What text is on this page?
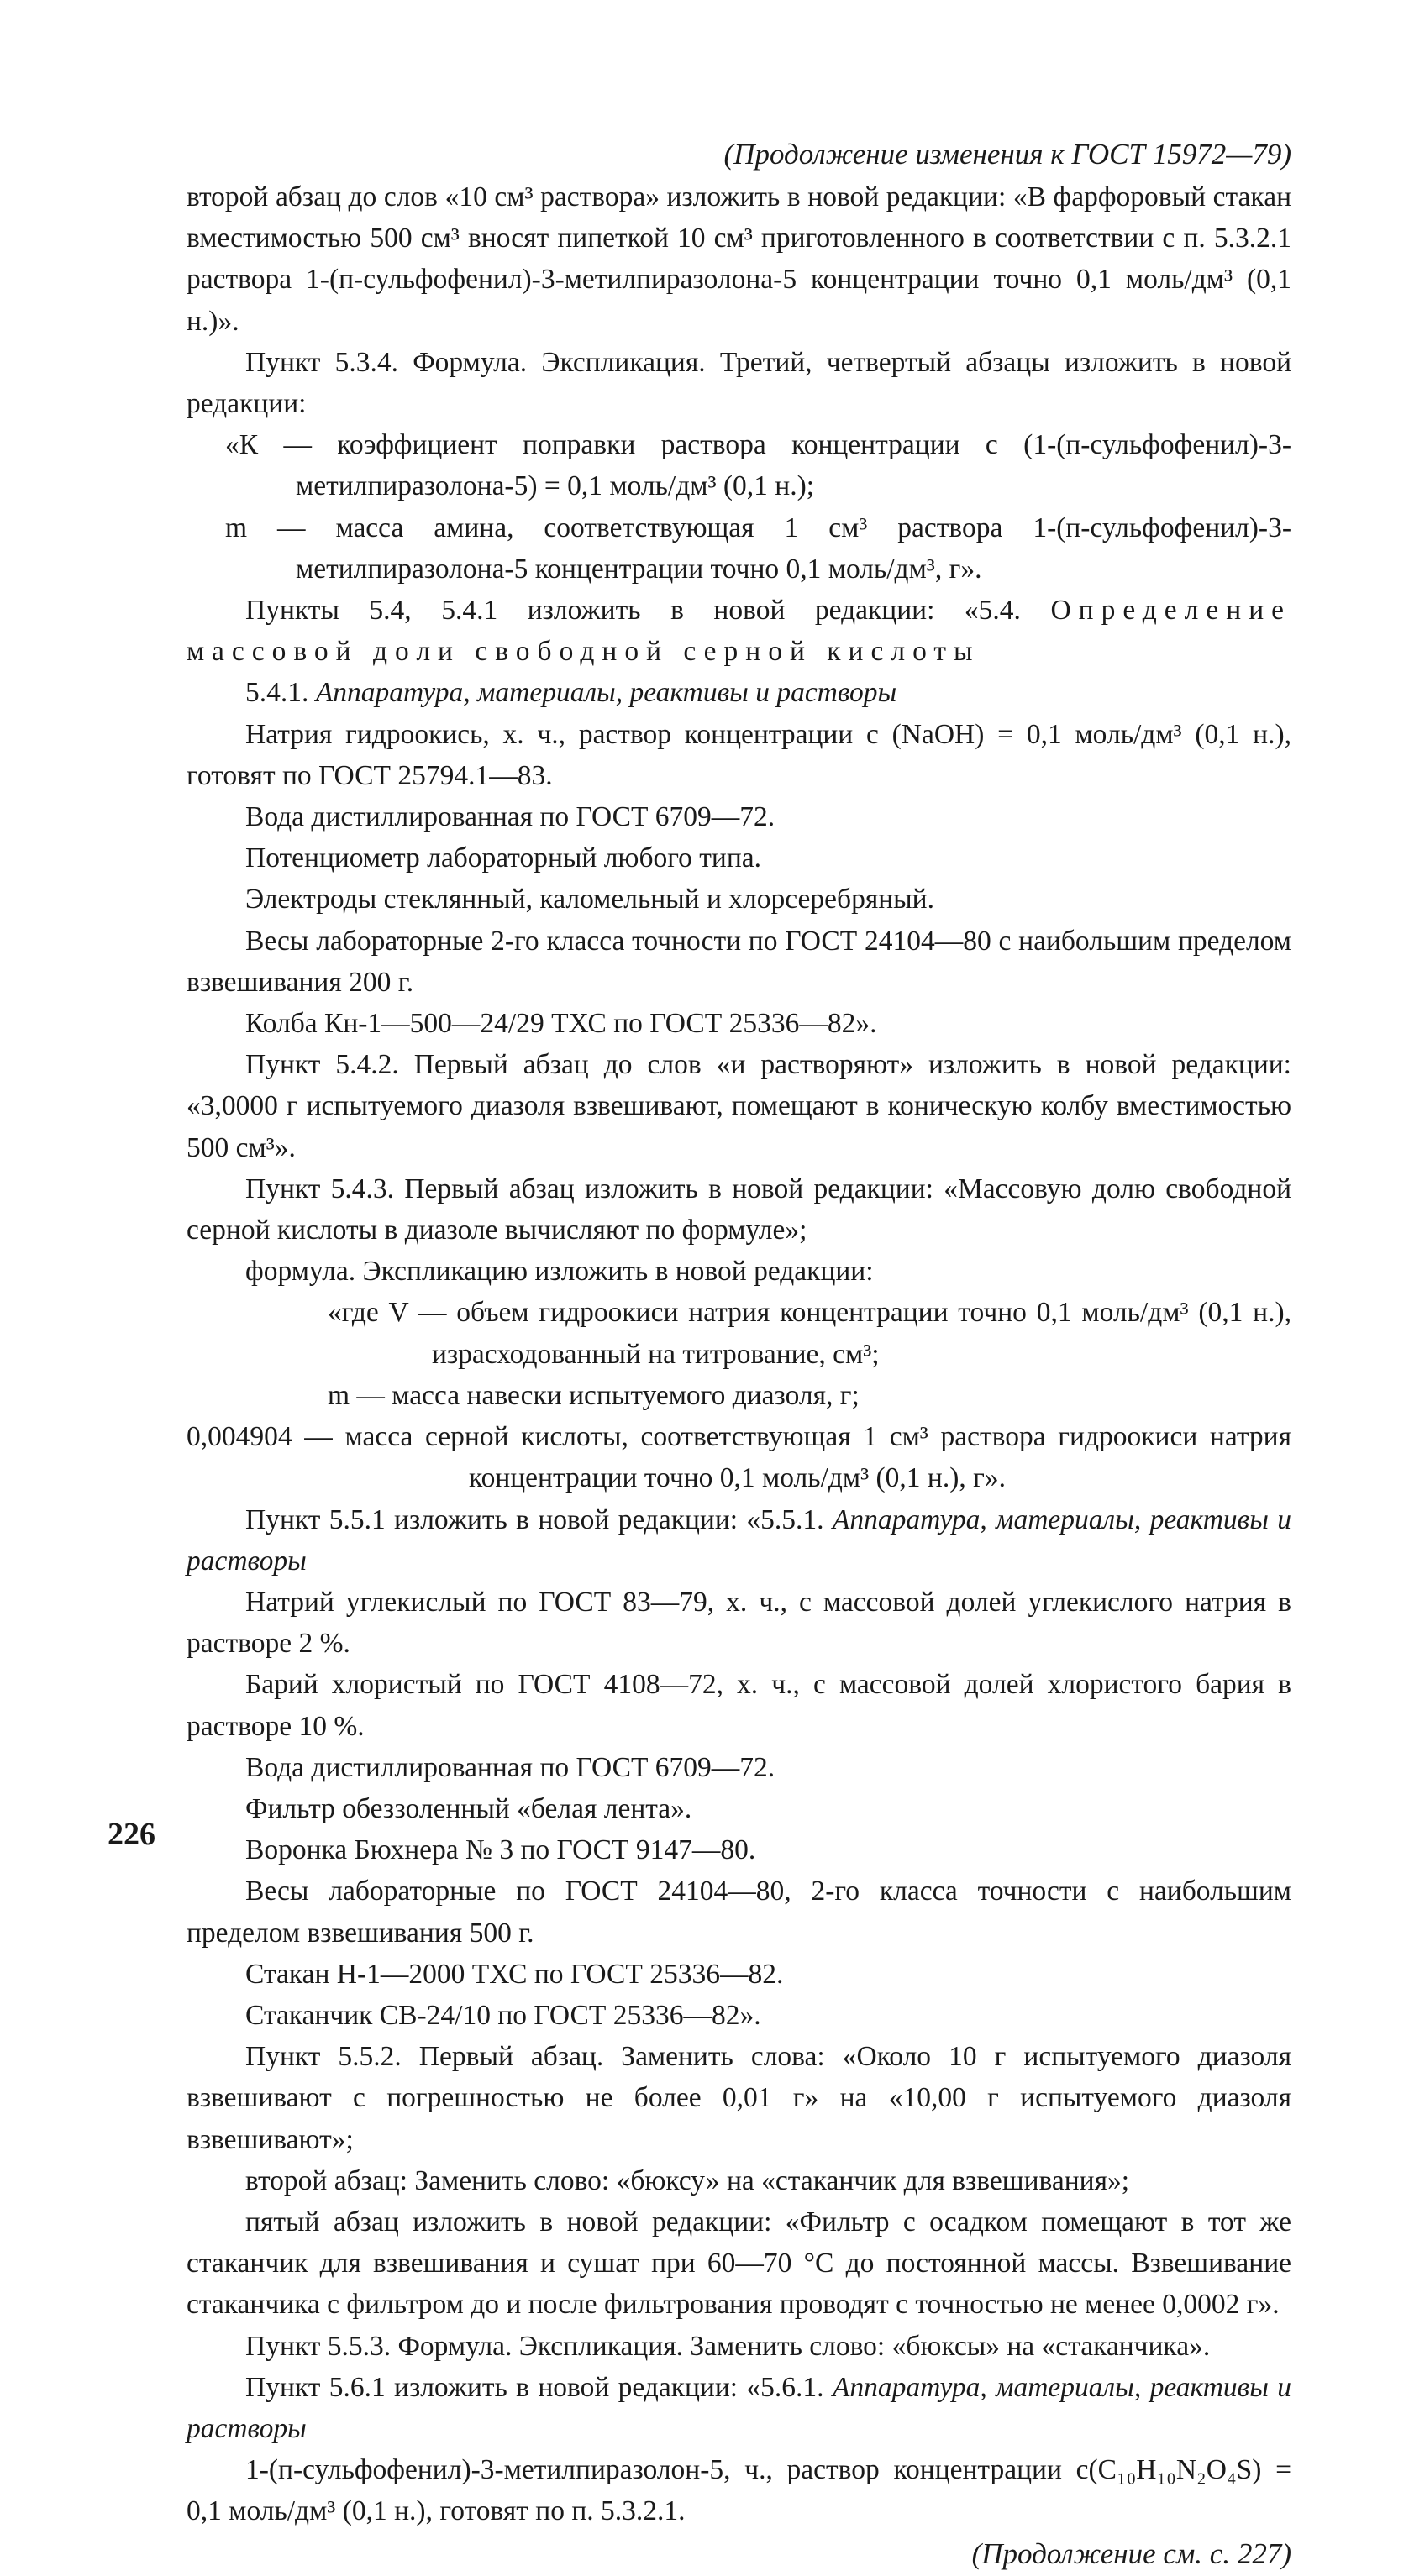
(Продолжение изменения к ГОСТ 15972—79)

второй абзац до слов «10 см³ раствора» изложить в новой редакции: «В фарфоровый стакан вместимостью 500 см³ вносят пипеткой 10 см³ приготовленного в соответствии с п. 5.3.2.1 раствора 1-(п-сульфофенил)-3-метилпиразолона-5 концентрации точно 0,1 моль/дм³ (0,1 н.)».

Пункт 5.3.4. Формула. Экспликация. Третий, четвертый абзацы изложить в новой редакции:

«К — коэффициент поправки раствора концентрации с (1-(п-сульфофенил)-3-метилпиразолона-5) = 0,1 моль/дм³ (0,1 н.);

m — масса амина, соответствующая 1 см³ раствора 1-(п-сульфофенил)-3-метилпиразолона-5 концентрации точно 0,1 моль/дм³, г».

Пункты 5.4, 5.4.1 изложить в новой редакции: «5.4. Определение массовой доли свободной серной кислоты

5.4.1. Аппаратура, материалы, реактивы и растворы

Натрия гидроокись, х. ч., раствор концентрации с (NaOH) = 0,1 моль/дм³ (0,1 н.), готовят по ГОСТ 25794.1—83.

Вода дистиллированная по ГОСТ 6709—72.

Потенциометр лабораторный любого типа.

Электроды стеклянный, каломельный и хлорсеребряный.

Весы лабораторные 2-го класса точности по ГОСТ 24104—80 с наибольшим пределом взвешивания 200 г.

Колба Кн-1—500—24/29 ТХС по ГОСТ 25336—82».

Пункт 5.4.2. Первый абзац до слов «и растворяют» изложить в новой редакции: «3,0000 г испытуемого диазоля взвешивают, помещают в коническую колбу вместимостью 500 см³».

Пункт 5.4.3. Первый абзац изложить в новой редакции: «Массовую долю свободной серной кислоты в диазоле вычисляют по формуле»;

формула. Экспликацию изложить в новой редакции:

«где V — объем гидроокиси натрия концентрации точно 0,1 моль/дм³ (0,1 н.), израсходованный на титрование, см³;

m — масса навески испытуемого диазоля, г;

0,004904 — масса серной кислоты, соответствующая 1 см³ раствора гидроокиси натрия концентрации точно 0,1 моль/дм³ (0,1 н.), г».

Пункт 5.5.1 изложить в новой редакции: «5.5.1. Аппаратура, материалы, реактивы и растворы

Натрий углекислый по ГОСТ 83—79, х. ч., с массовой долей углекислого натрия в растворе 2 %.

Барий хлористый по ГОСТ 4108—72, х. ч., с массовой долей хлористого бария в растворе 10 %.

Вода дистиллированная по ГОСТ 6709—72.

Фильтр обеззоленный «белая лента».

Воронка Бюхнера № 3 по ГОСТ 9147—80.

Весы лабораторные по ГОСТ 24104—80, 2-го класса точности с наибольшим пределом взвешивания 500 г.

Стакан Н-1—2000 ТХС по ГОСТ 25336—82.

Стаканчик СВ-24/10 по ГОСТ 25336—82».

Пункт 5.5.2. Первый абзац. Заменить слова: «Около 10 г испытуемого диазоля взвешивают с погрешностью не более 0,01 г» на «10,00 г испытуемого диазоля взвешивают»;

второй абзац: Заменить слово: «бюксу» на «стаканчик для взвешивания»;

пятый абзац изложить в новой редакции: «Фильтр с осадком помещают в тот же стаканчик для взвешивания и сушат при 60—70 °С до постоянной массы. Взвешивание стаканчика с фильтром до и после фильтрования проводят с точностью не менее 0,0002 г».

Пункт 5.5.3. Формула. Экспликация. Заменить слово: «бюксы» на «стаканчика».

Пункт 5.6.1 изложить в новой редакции: «5.6.1. Аппаратура, материалы, реактивы и растворы

1-(п-сульфофенил)-3-метилпиразолон-5, ч., раствор концентрации с(C₁₀H₁₀N₂O₄S) = 0,1 моль/дм³ (0,1 н.), готовят по п. 5.3.2.1.

(Продолжение см. с. 227)
226
